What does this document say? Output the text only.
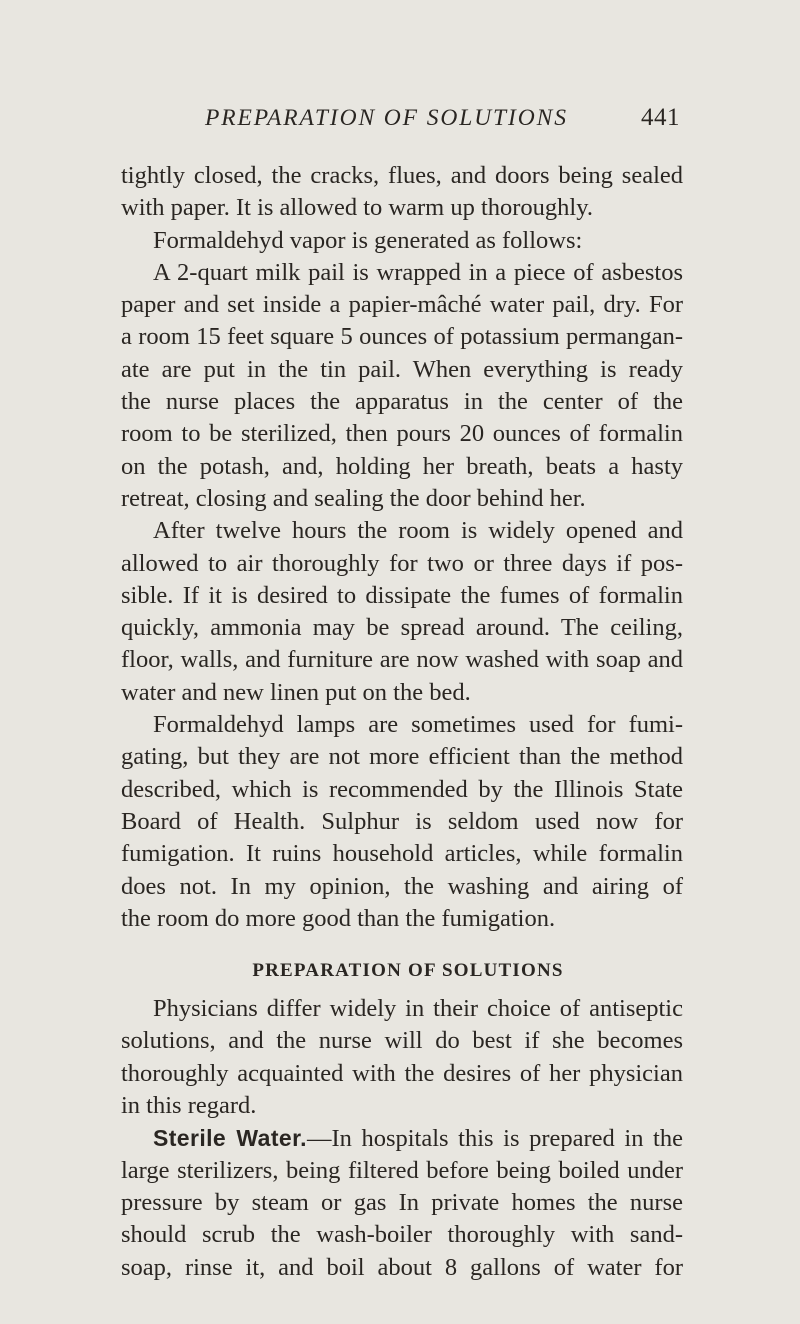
PREPARATION OF SOLUTIONS	441
tightly closed, the cracks, flues, and doors being sealed
with paper. It is allowed to warm up thoroughly.
Formaldehyd vapor is generated as follows:
A 2-quart milk pail is wrapped in a piece of asbestos
paper and set inside a papier-mâché water pail, dry. For
a room 15 feet square 5 ounces of potassium permangan-
ate are put in the tin pail. When everything is ready
the nurse places the apparatus in the center of the
room to be sterilized, then pours 20 ounces of formalin
on the potash, and, holding her breath, beats a hasty
retreat, closing and sealing the door behind her.
After twelve hours the room is widely opened and
allowed to air thoroughly for two or three days if pos-
sible. If it is desired to dissipate the fumes of formalin
quickly, ammonia may be spread around. The ceiling,
floor, walls, and furniture are now washed with soap and
water and new linen put on the bed.
Formaldehyd lamps are sometimes used for fumi-
gating, but they are not more efficient than the method
described, which is recommended by the Illinois State
Board of Health. Sulphur is seldom used now for
fumigation. It ruins household articles, while formalin
does not. In my opinion, the washing and airing of
the room do more good than the fumigation.
PREPARATION OF SOLUTIONS
Physicians differ widely in their choice of antiseptic
solutions, and the nurse will do best if she becomes
thoroughly acquainted with the desires of her physician
in this regard.
Sterile Water.—In hospitals this is prepared in the
large sterilizers, being filtered before being boiled under
pressure by steam or gas In private homes the nurse
should scrub the wash-boiler thoroughly with sand-
soap, rinse it, and boil about 8 gallons of water for
